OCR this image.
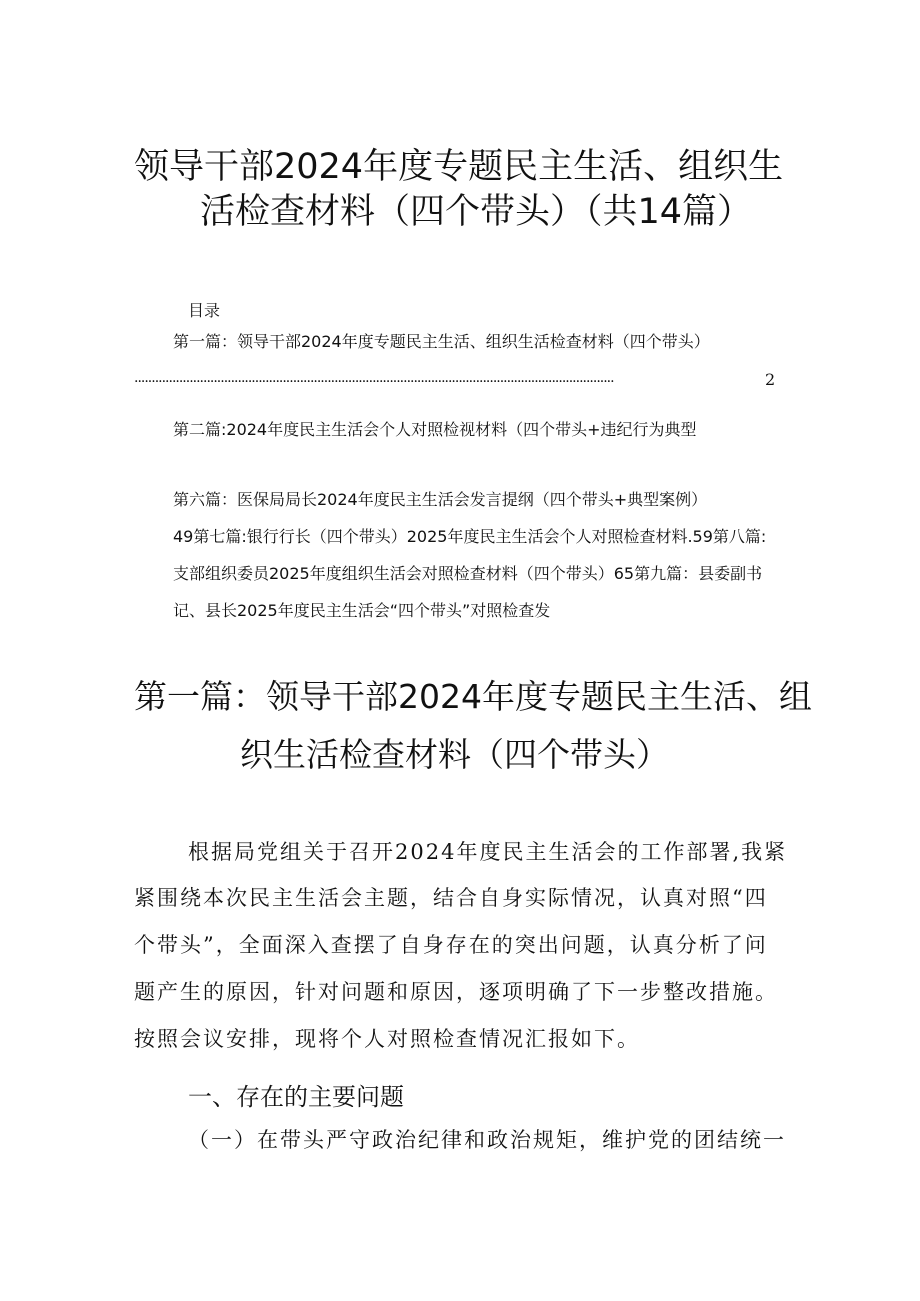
领导干部2024年度专题民主生活、组织生
活检查材料（四个带头）（共14篇）
目录
第一篇：领导干部2024年度专题民主生活、组织生活检查材料（四个带头）
...........................................................................................................................................	2
第二篇:2024年度民主生活会个人对照检视材料（四个带头+违纪行为典型
第六篇：医保局局长2024年度民主生活会发言提纲（四个带头+典型案例）
49第七篇:银行行长（四个带头）2025年度民主生活会个人对照检查材料.59第八篇:
支部组织委员2025年度组织生活会对照检查材料（四个带头）65第九篇：县委副书
记、县长2025年度民主生活会“四个带头”对照检查发
第一篇：领导干部2024年度专题民主生活、组
织生活检查材料（四个带头）
根据局党组关于召开2024年度民主生活会的工作部署,我紧
紧围绕本次民主生活会主题，结合自身实际情况，认真对照“四
个带头”，全面深入查摆了自身存在的突出问题，认真分析了问
题产生的原因，针对问题和原因，逐项明确了下一步整改措施。
按照会议安排，现将个人对照检查情况汇报如下。
一、存在的主要问题
（一）在带头严守政治纪律和政治规矩，维护党的团结统一
